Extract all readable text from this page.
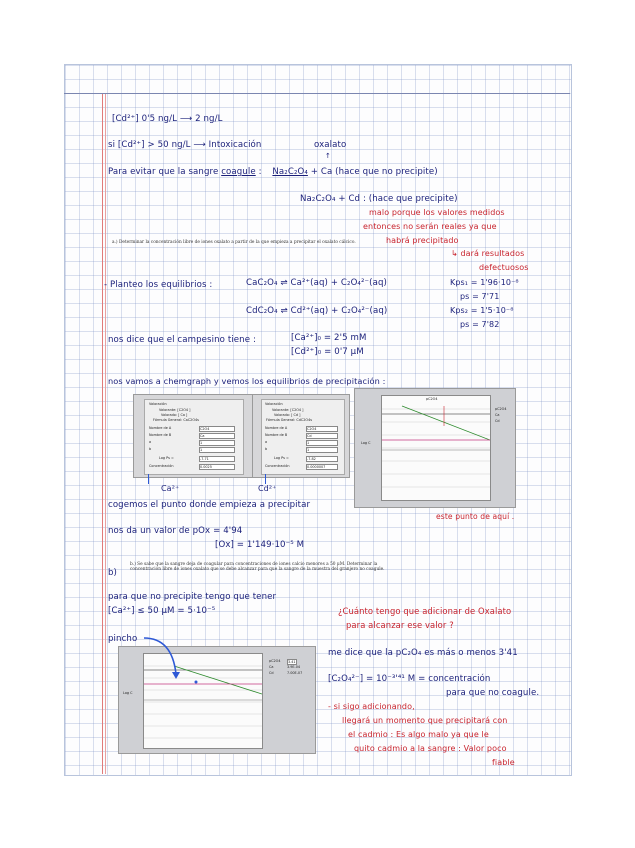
[Cd²⁺] 0'5 ng/L ⟶ 2 ng/L
si [Cd²⁺] > 50 ng/L ⟶ Intoxicación	oxalato
↑
Para evitar que la sangre coagule : Na₂C₂O₄ + Ca (hace que no precipite)
Na₂C₂O₄ + Cd : (hace que precipite)
malo porque los valores medidos
entonces no serán reales ya que
habrá precipitado
a.) Determinar la concentración libre de iones oxalato a partir de la que empieza a precipitar el oxalato cálcico.
↳ dará resultados
defectuosos
- Planteo los equilibrios :	CaC₂O₄ ⇌ Ca²⁺(aq) + C₂O₄²⁻(aq)	Kps₁ = 1'96·10⁻⁸
ps = 7'71
CdC₂O₄ ⇌ Cd²⁺(aq) + C₂O₄²⁻(aq)	Kps₂ = 1'5·10⁻⁸
ps = 7'82
nos dice que el campesino tiene :	[Ca²⁺]₀ = 2'5 mM
[Cd²⁺]₀ = 0'7 μM
nos vamos a chemgraph y vemos los equilibrios de precipitación :
Valoración
Valorante: [C2O4 ]
Valorado: [ Ca ]
Fórmula General: CaC2O4s
Nombre de A	C2O4
Nombre de B	Ca
a	1
b	1
Log Ps =	-7.71
Concentración	0.0025
Valoración
Valorante: [C2O4 ]
Valorado: [ Cd ]
Fórmula General: CdC2O4s
Nombre de A	C2O4
Nombre de B	Cd
a	1
b	1
Log Ps =	-7.82
Concentración	0.0000007
pC2O4
Log C
pC2O4
Ca
Cd
Ca²⁺	Cd²⁺
cogemos el punto donde empieza a precipitar
este punto de aquí .
nos da un valor de pOx = 4'94
[Ox] = 1'149·10⁻⁵ M
b)
b.) Se sabe que la sangre deja de coagular para concentraciones de iones calcio menores a 50 μM. Determinar la concentración libre de iones oxalato que se debe alcanzar para que la sangre de la muestra del granjero no coagule.
para que no precipite tengo que tener
[Ca²⁺] ≤ 50 μM = 5·10⁻⁵	¿Cuánto tengo que adicionar de Oxalato
para alcanzar ese valor ?
pincho
Log C
pC2O4
Ca
Cd
3.41
3.9E-04
7.00E-07
me dice que la pC₂O₄ es más o menos 3'41
[C₂O₄²⁻] = 10⁻³'⁴¹ M = concentración
para que no coagule.
- si sigo adicionando,
llegará un momento que precipitará con
el cadmio : Es algo malo ya que le
quito cadmio a la sangre : Valor poco
fiable
